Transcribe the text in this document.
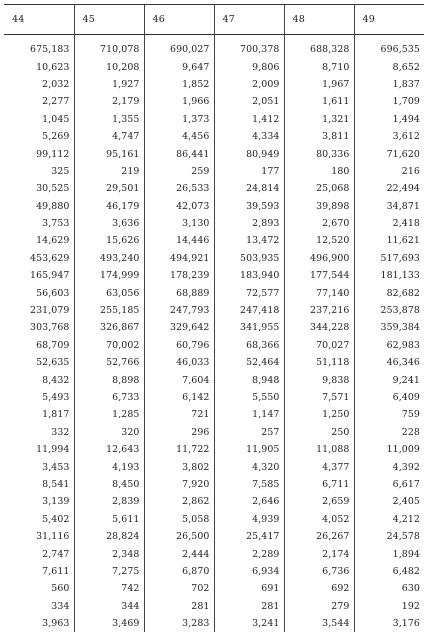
44	45	46	47	48	49
675,183	710,078	690,027	700,378	688,328	696,535
10,623	10,208	9,647	9,806	8,710	8,652
2,032	1,927	1,852	2,009	1,967	1,837
2,277	2,179	1,966	2,051	1,611	1,709
1,045	1,355	1,373	1,412	1,321	1,494
5,269	4,747	4,456	4,334	3,811	3,612
99,112	95,161	86,441	80,949	80,336	71,620
325	219	259	177	180	216
30,525	29,501	26,533	24,814	25,068	22,494
49,880	46,179	42,073	39,593	39,898	34,871
3,753	3,636	3,130	2,893	2,670	2,418
14,629	15,626	14,446	13,472	12,520	11,621
453,629	493,240	494,921	503,935	496,900	517,693
165,947	174,999	178,239	183,940	177,544	181,133
56,603	63,056	68,889	72,577	77,140	82,682
231,079	255,185	247,793	247,418	237,216	253,878
303,768	326,867	329,642	341,955	344,228	359,384
68,709	70,002	60,796	68,366	70,027	62,983
52,635	52,766	46,033	52,464	51,118	46,346
8,432	8,898	7,604	8,948	9,838	9,241
5,493	6,733	6,142	5,550	7,571	6,409
1,817	1,285	721	1,147	1,250	759
332	320	296	257	250	228
11,994	12,643	11,722	11,905	11,088	11,009
3,453	4,193	3,802	4,320	4,377	4,392
8,541	8,450	7,920	7,585	6,711	6,617
3,139	2,839	2,862	2,646	2,659	2,405
5,402	5,611	5,058	4,939	4,052	4,212
31,116	28,824	26,500	25,417	26,267	24,578
2,747	2,348	2,444	2,289	2,174	1,894
7,611	7,275	6,870	6,934	6,736	6,482
560	742	702	691	692	630
334	344	281	281	279	192
3,963	3,469	3,283	3,241	3,544	3,176
